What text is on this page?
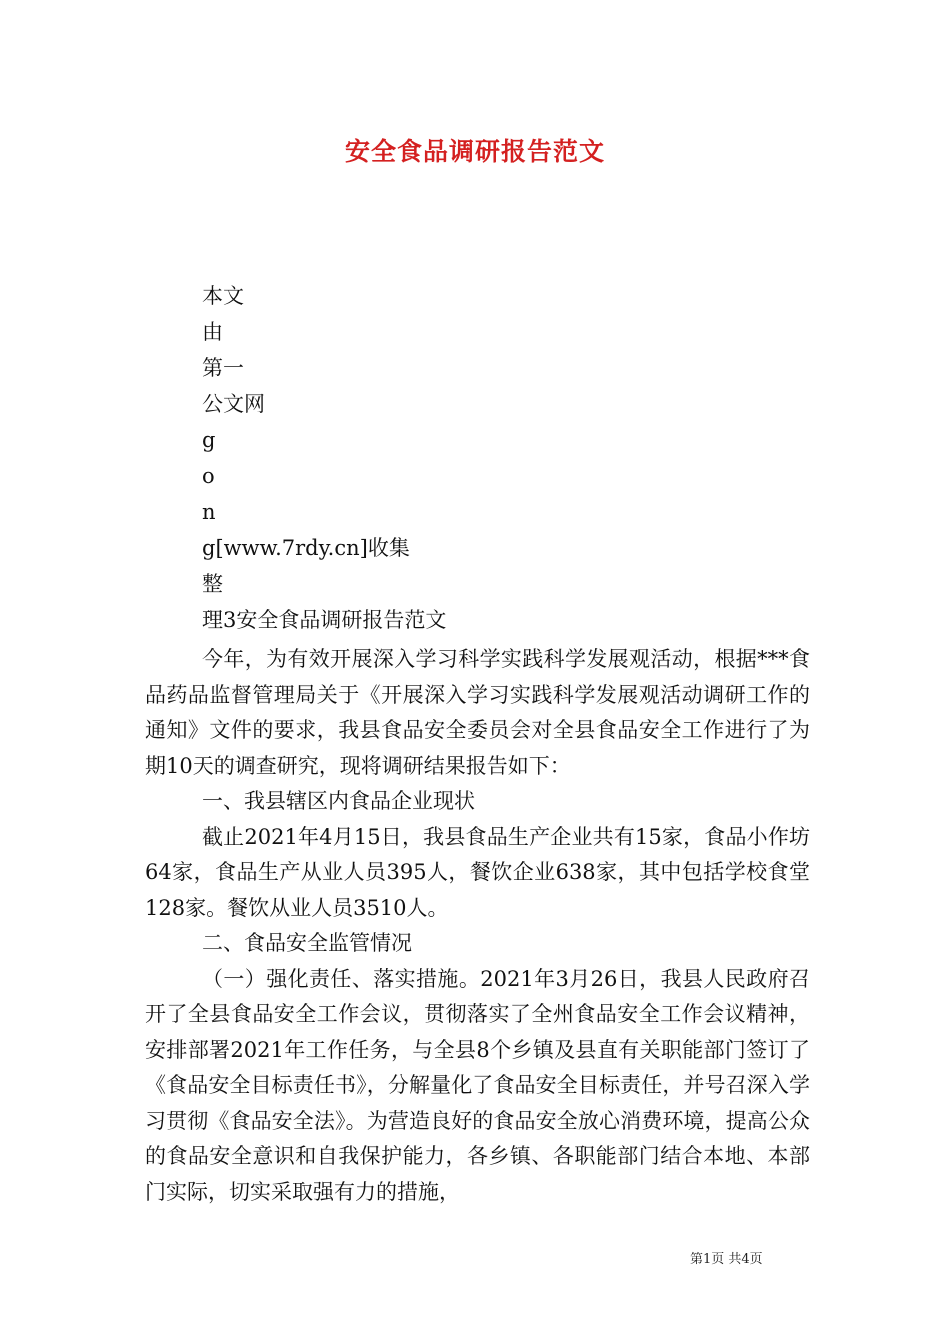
安全食品调研报告范文
本文
由
第一
公文网
g
o
n
g[www.7rdy.cn]收集
整
理3安全食品调研报告范文

今年，为有效开展深入学习科学实践科学发展观活动，根据***食品药品监督管理局关于《开展深入学习实践科学发展观活动调研工作的通知》文件的要求，我县食品安全委员会对全县食品安全工作进行了为期10天的调查研究，现将调研结果报告如下：

一、我县辖区内食品企业现状

截止2021年4月15日，我县食品生产企业共有15家，食品小作坊64家，食品生产从业人员395人，餐饮企业638家，其中包括学校食堂128家。餐饮从业人员3510人。

二、食品安全监管情况

（一）强化责任、落实措施。2021年3月26日，我县人民政府召开了全县食品安全工作会议，贯彻落实了全州食品安全工作会议精神，安排部署2021年工作任务，与全县8个乡镇及县直有关职能部门签订了《食品安全目标责任书》，分解量化了食品安全目标责任，并号召深入学习贯彻《食品安全法》。为营造良好的食品安全放心消费环境，提高公众的食品安全意识和自我保护能力，各乡镇、各职能部门结合本地、本部门实际，切实采取强有力的措施，

第1页 共4页
